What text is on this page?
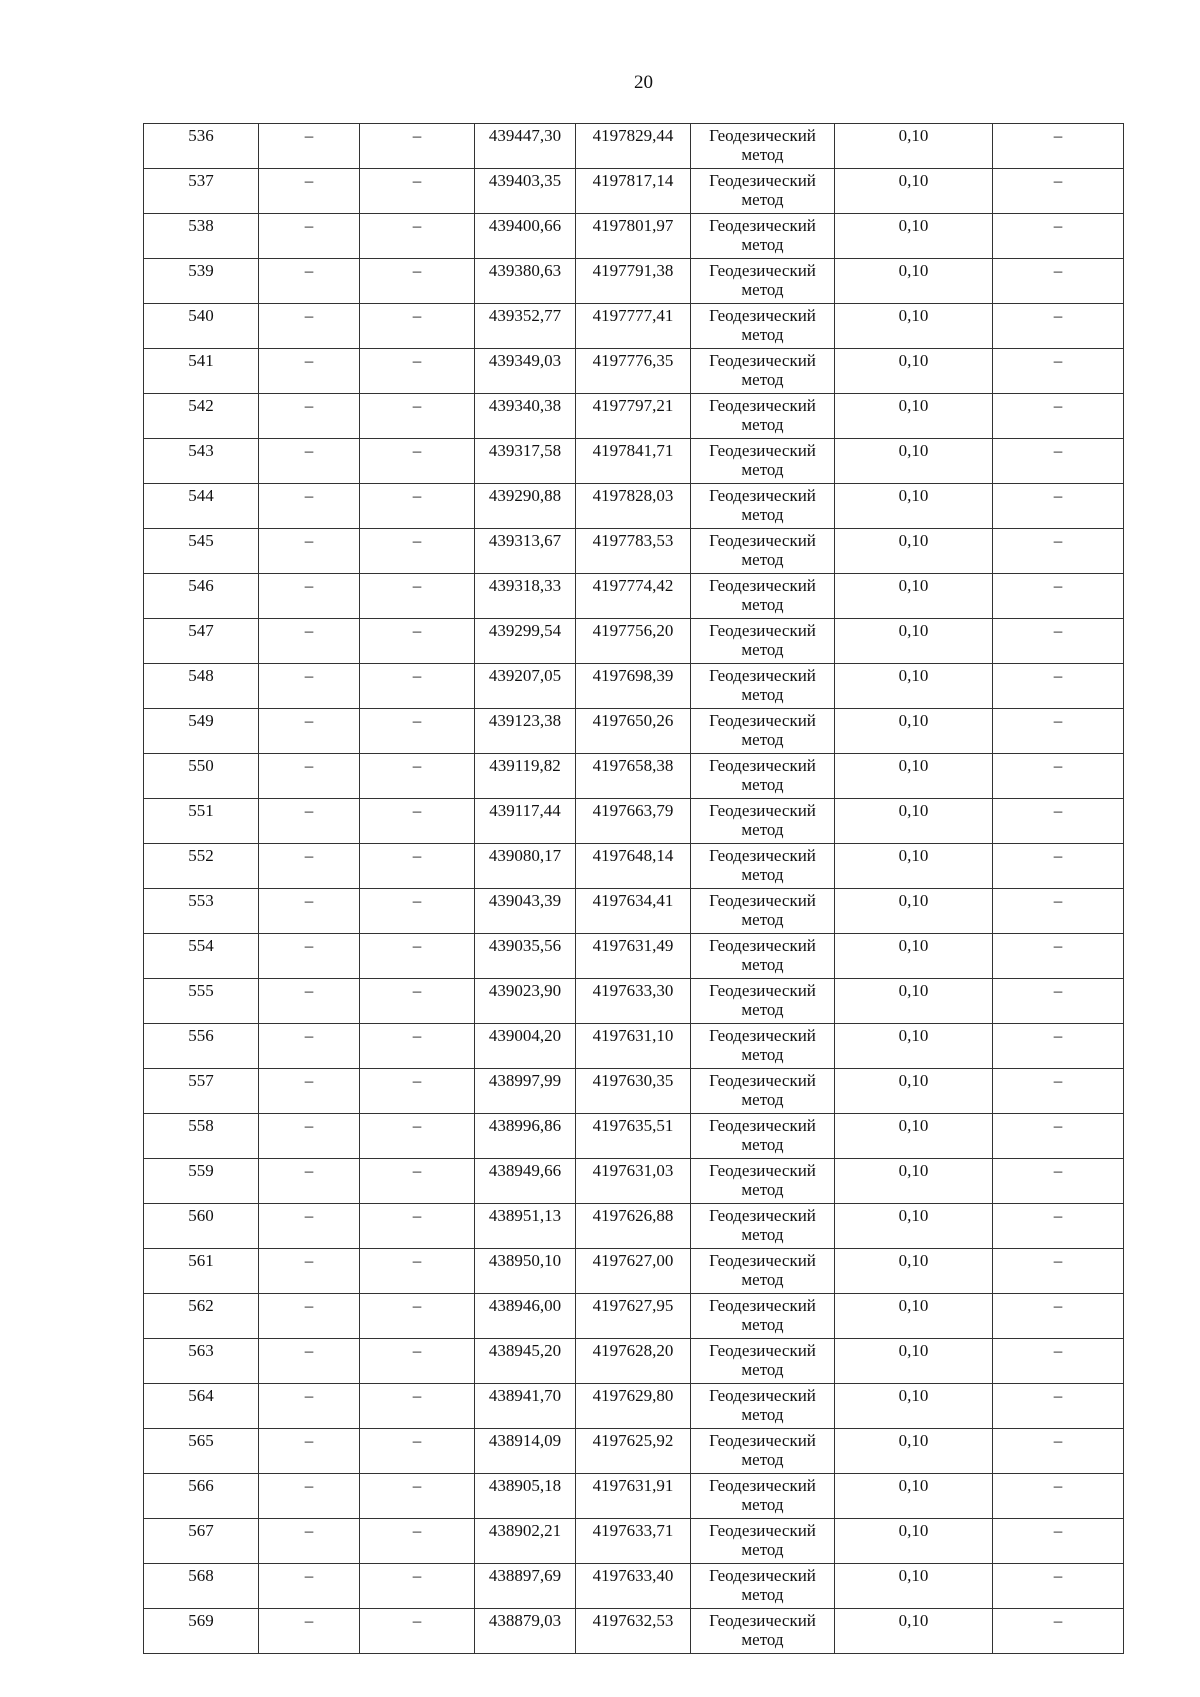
20
536	–	–	439447,30	4197829,44	Геодезический метод	0,10	–
537	–	–	439403,35	4197817,14	Геодезический метод	0,10	–
538	–	–	439400,66	4197801,97	Геодезический метод	0,10	–
539	–	–	439380,63	4197791,38	Геодезический метод	0,10	–
540	–	–	439352,77	4197777,41	Геодезический метод	0,10	–
541	–	–	439349,03	4197776,35	Геодезический метод	0,10	–
542	–	–	439340,38	4197797,21	Геодезический метод	0,10	–
543	–	–	439317,58	4197841,71	Геодезический метод	0,10	–
544	–	–	439290,88	4197828,03	Геодезический метод	0,10	–
545	–	–	439313,67	4197783,53	Геодезический метод	0,10	–
546	–	–	439318,33	4197774,42	Геодезический метод	0,10	–
547	–	–	439299,54	4197756,20	Геодезический метод	0,10	–
548	–	–	439207,05	4197698,39	Геодезический метод	0,10	–
549	–	–	439123,38	4197650,26	Геодезический метод	0,10	–
550	–	–	439119,82	4197658,38	Геодезический метод	0,10	–
551	–	–	439117,44	4197663,79	Геодезический метод	0,10	–
552	–	–	439080,17	4197648,14	Геодезический метод	0,10	–
553	–	–	439043,39	4197634,41	Геодезический метод	0,10	–
554	–	–	439035,56	4197631,49	Геодезический метод	0,10	–
555	–	–	439023,90	4197633,30	Геодезический метод	0,10	–
556	–	–	439004,20	4197631,10	Геодезический метод	0,10	–
557	–	–	438997,99	4197630,35	Геодезический метод	0,10	–
558	–	–	438996,86	4197635,51	Геодезический метод	0,10	–
559	–	–	438949,66	4197631,03	Геодезический метод	0,10	–
560	–	–	438951,13	4197626,88	Геодезический метод	0,10	–
561	–	–	438950,10	4197627,00	Геодезический метод	0,10	–
562	–	–	438946,00	4197627,95	Геодезический метод	0,10	–
563	–	–	438945,20	4197628,20	Геодезический метод	0,10	–
564	–	–	438941,70	4197629,80	Геодезический метод	0,10	–
565	–	–	438914,09	4197625,92	Геодезический метод	0,10	–
566	–	–	438905,18	4197631,91	Геодезический метод	0,10	–
567	–	–	438902,21	4197633,71	Геодезический метод	0,10	–
568	–	–	438897,69	4197633,40	Геодезический метод	0,10	–
569	–	–	438879,03	4197632,53	Геодезический метод	0,10	–
